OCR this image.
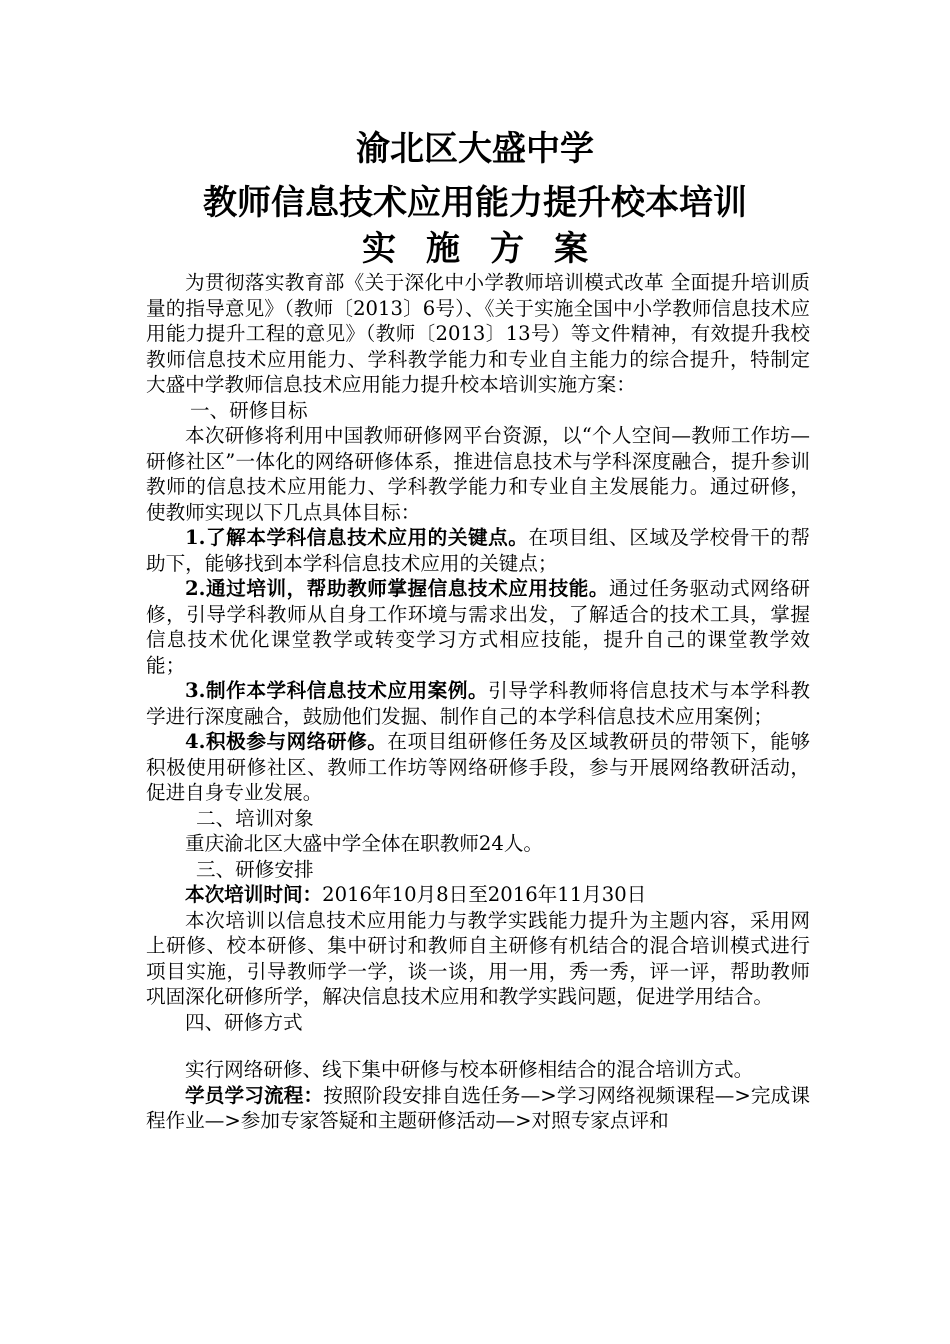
渝北区大盛中学
教师信息技术应用能力提升校本培训
实施方案

为贯彻落实教育部《关于深化中小学教师培训模式改革 全面提升培训质量的指导意见》（教师〔2013〕6号）、《关于实施全国中小学教师信息技术应用能力提升工程的意见》（教师〔2013〕13号）等文件精神，有效提升我校教师信息技术应用能力、学科教学能力和专业自主能力的综合提升，特制定大盛中学教师信息技术应用能力提升校本培训实施方案：

一、研修目标

本次研修将利用中国教师研修网平台资源，以“个人空间—教师工作坊—研修社区”一体化的网络研修体系，推进信息技术与学科深度融合，提升参训教师的信息技术应用能力、学科教学能力和专业自主发展能力。通过研修，使教师实现以下几点具体目标：

1.了解本学科信息技术应用的关键点。在项目组、区域及学校骨干的帮助下，能够找到本学科信息技术应用的关键点；

2.通过培训，帮助教师掌握信息技术应用技能。通过任务驱动式网络研修，引导学科教师从自身工作环境与需求出发，了解适合的技术工具，掌握信息技术优化课堂教学或转变学习方式相应技能，提升自己的课堂教学效能；

3.制作本学科信息技术应用案例。引导学科教师将信息技术与本学科教学进行深度融合，鼓励他们发掘、制作自己的本学科信息技术应用案例；

4.积极参与网络研修。在项目组研修任务及区域教研员的带领下，能够积极使用研修社区、教师工作坊等网络研修手段，参与开展网络教研活动，促进自身专业发展。

二、培训对象

重庆渝北区大盛中学全体在职教师24人。

三、研修安排

本次培训时间：2016年10月8日至2016年11月30日

本次培训以信息技术应用能力与教学实践能力提升为主题内容，采用网上研修、校本研修、集中研讨和教师自主研修有机结合的混合培训模式进行项目实施，引导教师学一学，谈一谈，用一用，秀一秀，评一评，帮助教师巩固深化研修所学，解决信息技术应用和教学实践问题，促进学用结合。

四、研修方式

实行网络研修、线下集中研修与校本研修相结合的混合培训方式。

学员学习流程：按照阶段安排自选任务—>学习网络视频课程—>完成课程作业—>参加专家答疑和主题研修活动—>对照专家点评和
